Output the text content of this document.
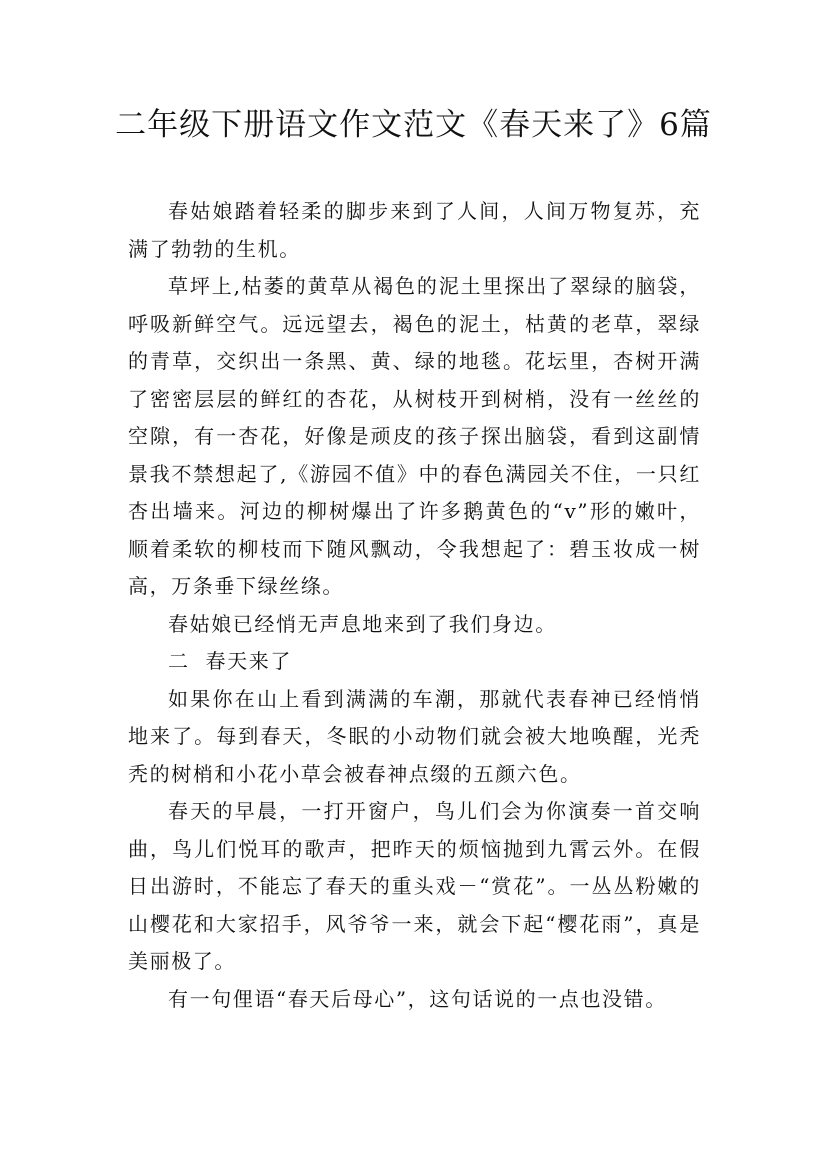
二年级下册语文作文范文《春天来了》6篇

春姑娘踏着轻柔的脚步来到了人间，人间万物复苏，充满了勃勃的生机。

草坪上,枯萎的黄草从褐色的泥土里探出了翠绿的脑袋，呼吸新鲜空气。远远望去，褐色的泥土，枯黄的老草，翠绿的青草，交织出一条黑、黄、绿的地毯。花坛里，杏树开满了密密层层的鲜红的杏花，从树枝开到树梢，没有一丝丝的空隙，有一杏花，好像是顽皮的孩子探出脑袋，看到这副情景我不禁想起了,《游园不值》中的春色满园关不住，一只红杏出墙来。河边的柳树爆出了许多鹅黄色的“v”形的嫩叶，顺着柔软的柳枝而下随风飘动，令我想起了：碧玉妆成一树高，万条垂下绿丝绦。

春姑娘已经悄无声息地来到了我们身边。

二  春天来了

如果你在山上看到满满的车潮，那就代表春神已经悄悄地来了。每到春天，冬眠的小动物们就会被大地唤醒，光秃秃的树梢和小花小草会被春神点缀的五颜六色。

春天的早晨，一打开窗户，鸟儿们会为你演奏一首交响曲，鸟儿们悦耳的歌声，把昨天的烦恼抛到九霄云外。在假日出游时，不能忘了春天的重头戏－“赏花”。一丛丛粉嫩的山樱花和大家招手，风爷爷一来，就会下起“樱花雨”，真是美丽极了。

有一句俚语“春天后母心”，这句话说的一点也没错。
